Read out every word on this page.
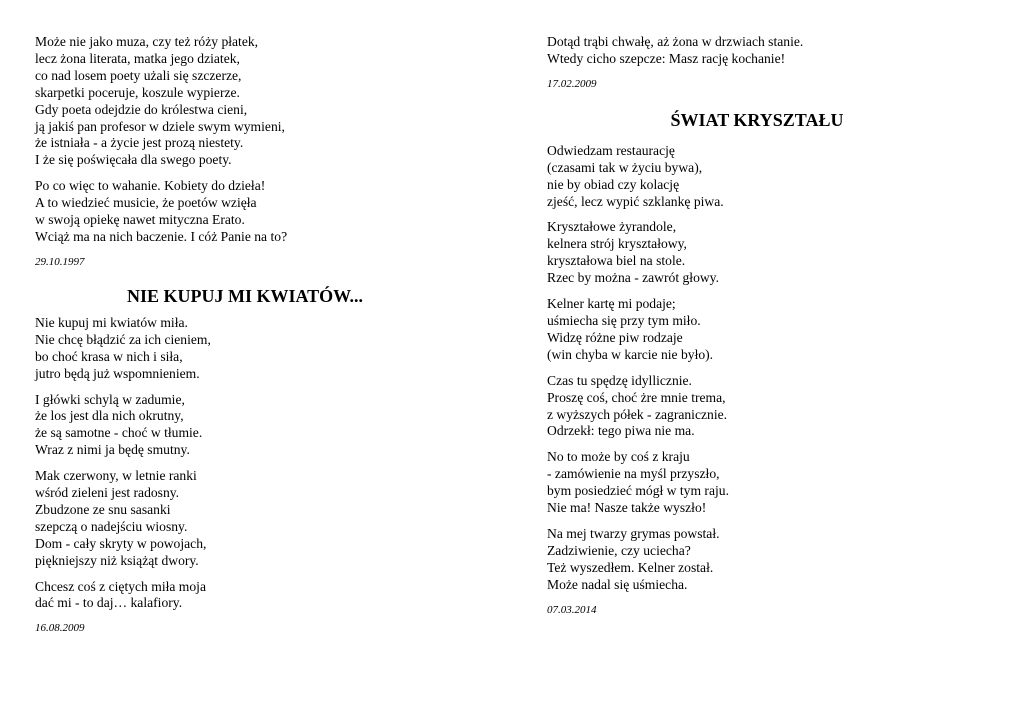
Może nie jako muza, czy też róży płatek,
lecz żona literata, matka jego dziatek,
co nad losem poety użali się szczerze,
skarpetki poceruje, koszule wypierze.
Gdy poeta odejdzie do królestwa cieni,
ją jakiś pan profesor w dziele swym wymieni,
że istniała - a życie jest prozą niestety.
I że się poświęcała dla swego poety.
Po co więc to wahanie. Kobiety do dzieła!
A to wiedzieć musicie, że poetów wzięła
w swoją opiekę nawet mityczna Erato.
Wciąż ma na nich baczenie. I cóż Panie na to?
29.10.1997
NIE KUPUJ MI KWIATÓW...
Nie kupuj mi kwiatów miła.
Nie chcę błądzić za ich cieniem,
bo choć krasa w nich i siła,
jutro będą już wspomnieniem.
I główki schylą w zadumie,
że los jest dla nich okrutny,
że są samotne - choć w tłumie.
Wraz z nimi ja będę smutny.
Mak czerwony, w letnie ranki
wśród zieleni jest radosny.
Zbudzone ze snu sasanki
szepczą o nadejściu wiosny.
Dom - cały skryty w powojach,
piękniejszy niż książąt dwory.
Chcesz coś z ciętych miła moja
dać mi - to daj… kalafiory.
16.08.2009
Dotąd trąbi chwałę, aż żona w drzwiach stanie.
Wtedy cicho szepcze: Masz rację kochanie!
17.02.2009
ŚWIAT KRYSZTAŁU
Odwiedzam restaurację
(czasami tak w życiu bywa),
nie by obiad czy kolację
zjeść, lecz wypić szklankę piwa.
Kryształowe żyrandole,
kelnera strój kryształowy,
kryształowa biel na stole.
Rzec by można - zawrót głowy.
Kelner kartę mi podaje;
uśmiecha się przy tym miło.
Widzę różne piw rodzaje
(win chyba w karcie nie było).
Czas tu spędzę idyllicznie.
Proszę coś, choć żre mnie trema,
z wyższych półek - zagranicznie.
Odrzekł: tego piwa nie ma.
No to może by coś z kraju
- zamówienie na myśl przyszło,
bym posiedzieć mógł w tym raju.
Nie ma! Nasze także wyszło!
Na mej twarzy grymas powstał.
Zadziwienie, czy uciecha?
Też wyszedłem. Kelner został.
Może nadal się uśmiecha.
07.03.2014
